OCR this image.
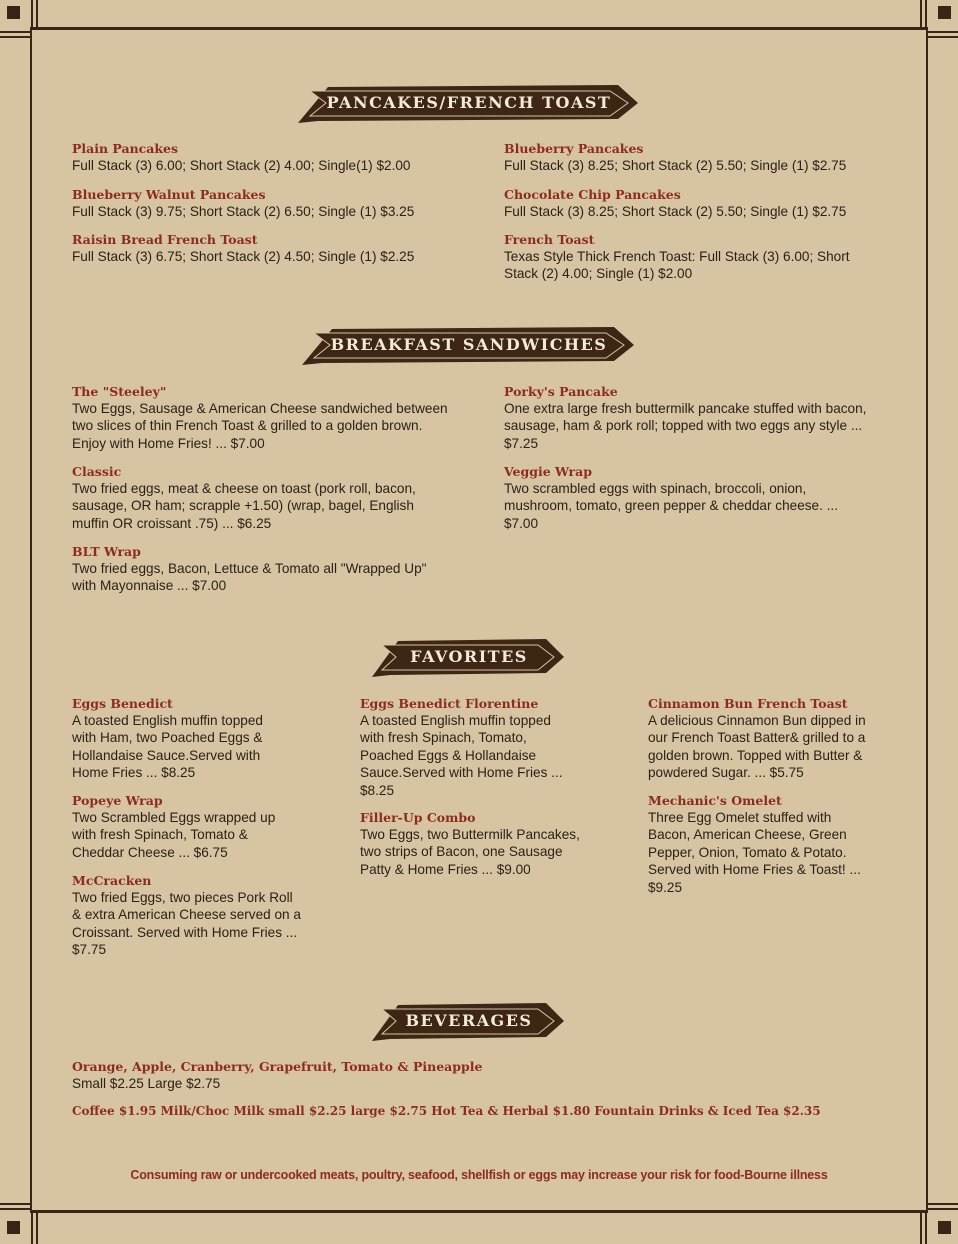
PANCAKES/FRENCH TOAST
Plain Pancakes
Full Stack (3) 6.00; Short Stack (2) 4.00; Single(1) $2.00
Blueberry Walnut Pancakes
Full Stack (3) 9.75; Short Stack (2) 6.50; Single (1) $3.25
Raisin Bread French Toast
Full Stack (3) 6.75; Short Stack (2) 4.50; Single (1) $2.25
Blueberry Pancakes
Full Stack (3) 8.25; Short Stack (2) 5.50; Single (1) $2.75
Chocolate Chip Pancakes
Full Stack (3) 8.25; Short Stack (2) 5.50; Single (1) $2.75
French Toast
Texas Style Thick French Toast: Full Stack (3) 6.00; Short Stack (2) 4.00; Single (1) $2.00
BREAKFAST SANDWICHES
The "Steeley"
Two Eggs, Sausage & American Cheese sandwiched between two slices of thin French Toast & grilled to a golden brown. Enjoy with Home Fries! ... $7.00
Classic
Two fried eggs, meat & cheese on toast (pork roll, bacon, sausage, OR ham; scrapple +1.50) (wrap, bagel, English muffin OR croissant .75) ... $6.25
BLT Wrap
Two fried eggs, Bacon, Lettuce & Tomato all "Wrapped Up" with Mayonnaise ... $7.00
Porky's Pancake
One extra large fresh buttermilk pancake stuffed with bacon, sausage, ham & pork roll; topped with two eggs any style ... $7.25
Veggie Wrap
Two scrambled eggs with spinach, broccoli, onion, mushroom, tomato, green pepper & cheddar cheese. ... $7.00
FAVORITES
Eggs Benedict
A toasted English muffin topped with Ham, two Poached Eggs & Hollandaise Sauce.Served with Home Fries ... $8.25
Popeye Wrap
Two Scrambled Eggs wrapped up with fresh Spinach, Tomato & Cheddar Cheese ... $6.75
McCracken
Two fried Eggs, two pieces Pork Roll & extra American Cheese served on a Croissant. Served with Home Fries ... $7.75
Eggs Benedict Florentine
A toasted English muffin topped with fresh Spinach, Tomato, Poached Eggs & Hollandaise Sauce.Served with Home Fries ... $8.25
Filler-Up Combo
Two Eggs, two Buttermilk Pancakes, two strips of Bacon, one Sausage Patty & Home Fries ... $9.00
Cinnamon Bun French Toast
A delicious Cinnamon Bun dipped in our French Toast Batter& grilled to a golden brown. Topped with Butter & powdered Sugar. ... $5.75
Mechanic's Omelet
Three Egg Omelet stuffed with Bacon, American Cheese, Green Pepper, Onion, Tomato & Potato. Served with Home Fries & Toast! ... $9.25
BEVERAGES
Orange, Apple, Cranberry, Grapefruit, Tomato & Pineapple
Small $2.25 Large $2.75
Coffee $1.95 Milk/Choc Milk small $2.25 large $2.75 Hot Tea & Herbal $1.80 Fountain Drinks & Iced Tea $2.35
Consuming raw or undercooked meats, poultry, seafood, shellfish or eggs may increase your risk for food-Bourne illness
